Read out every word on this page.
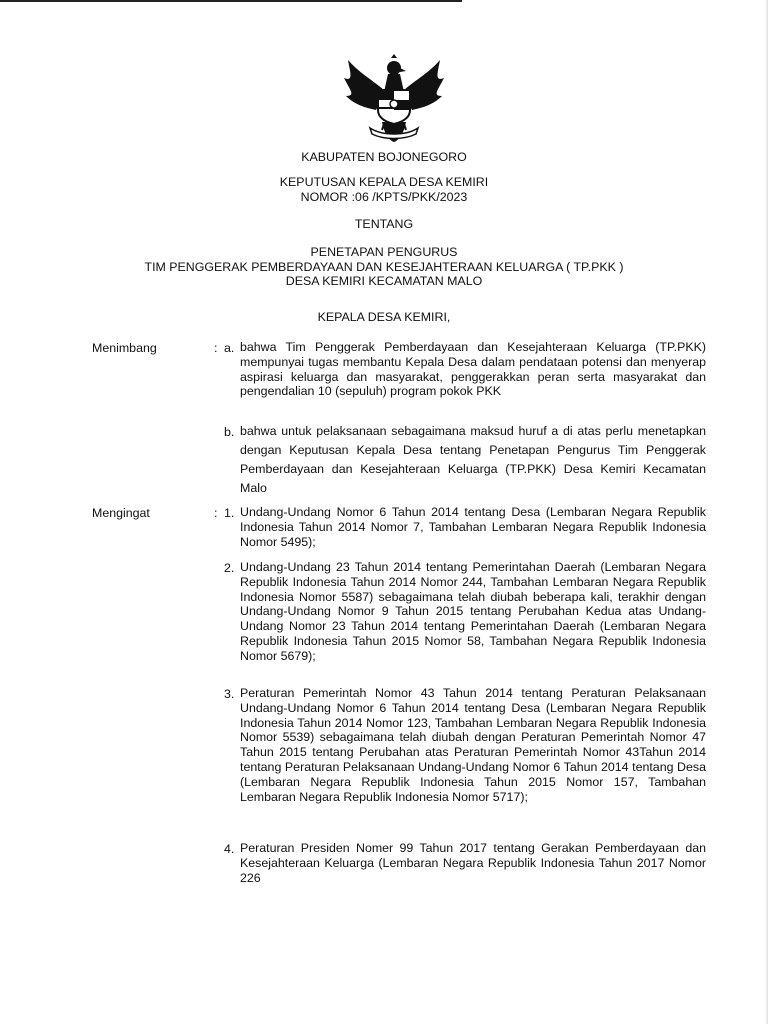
KABUPATEN BOJONEGORO
KEPUTUSAN KEPALA DESA KEMIRI
NOMOR :06 /KPTS/PKK/2023
TENTANG
PENETAPAN PENGURUS
TIM PENGGERAK PEMBERDAYAAN DAN KESEJAHTERAAN KELUARGA ( TP.PKK )
DESA KEMIRI KECAMATAN MALO
KEPALA DESA KEMIRI,
Menimbang	: a. bahwa Tim Penggerak Pemberdayaan dan Kesejahteraan Keluarga (TP.PKK) mempunyai tugas membantu Kepala Desa dalam pendataan potensi dan menyerap aspirasi keluarga dan masyarakat, penggerakkan peran serta masyarakat dan pengendalian 10 (sepuluh) program pokok PKK
b. bahwa untuk pelaksanaan sebagaimana maksud huruf a di atas perlu menetapkan dengan Keputusan Kepala Desa tentang Penetapan Pengurus Tim Penggerak Pemberdayaan dan Kesejahteraan Keluarga (TP.PKK) Desa Kemiri Kecamatan Malo
Mengingat	: 1. Undang-Undang Nomor 6 Tahun 2014 tentang Desa (Lembaran Negara Republik Indonesia Tahun 2014 Nomor 7, Tambahan Lembaran Negara Republik Indonesia Nomor 5495);
2. Undang-Undang 23 Tahun 2014 tentang Pemerintahan Daerah (Lembaran Negara Republik Indonesia Tahun 2014 Nomor 244, Tambahan Lembaran Negara Republik Indonesia Nomor 5587) sebagaimana telah diubah beberapa kali, terakhir dengan Undang-Undang Nomor 9 Tahun 2015 tentang Perubahan Kedua atas Undang-Undang Nomor 23 Tahun 2014 tentang Pemerintahan Daerah (Lembaran Negara Republik Indonesia Tahun 2015 Nomor 58, Tambahan Negara Republik Indonesia Nomor 5679);
3. Peraturan Pemerintah Nomor 43 Tahun 2014 tentang Peraturan Pelaksanaan Undang-Undang Nomor 6 Tahun 2014 tentang Desa (Lembaran Negara Republik Indonesia Tahun 2014 Nomor 123, Tambahan Lembaran Negara Republik Indonesia Nomor 5539) sebagaimana telah diubah dengan Peraturan Pemerintah Nomor 47 Tahun 2015 tentang Perubahan atas Peraturan Pemerintah Nomor 43Tahun 2014 tentang Peraturan Pelaksanaan Undang-Undang Nomor 6 Tahun 2014 tentang Desa (Lembaran Negara Republik Indonesia Tahun 2015 Nomor 157, Tambahan Lembaran Negara Republik Indonesia Nomor 5717);
4. Peraturan Presiden Nomer 99 Tahun 2017 tentang Gerakan Pemberdayaan dan Kesejahteraan Keluarga (Lembaran Negara Republik Indonesia Tahun 2017 Nomor 226
